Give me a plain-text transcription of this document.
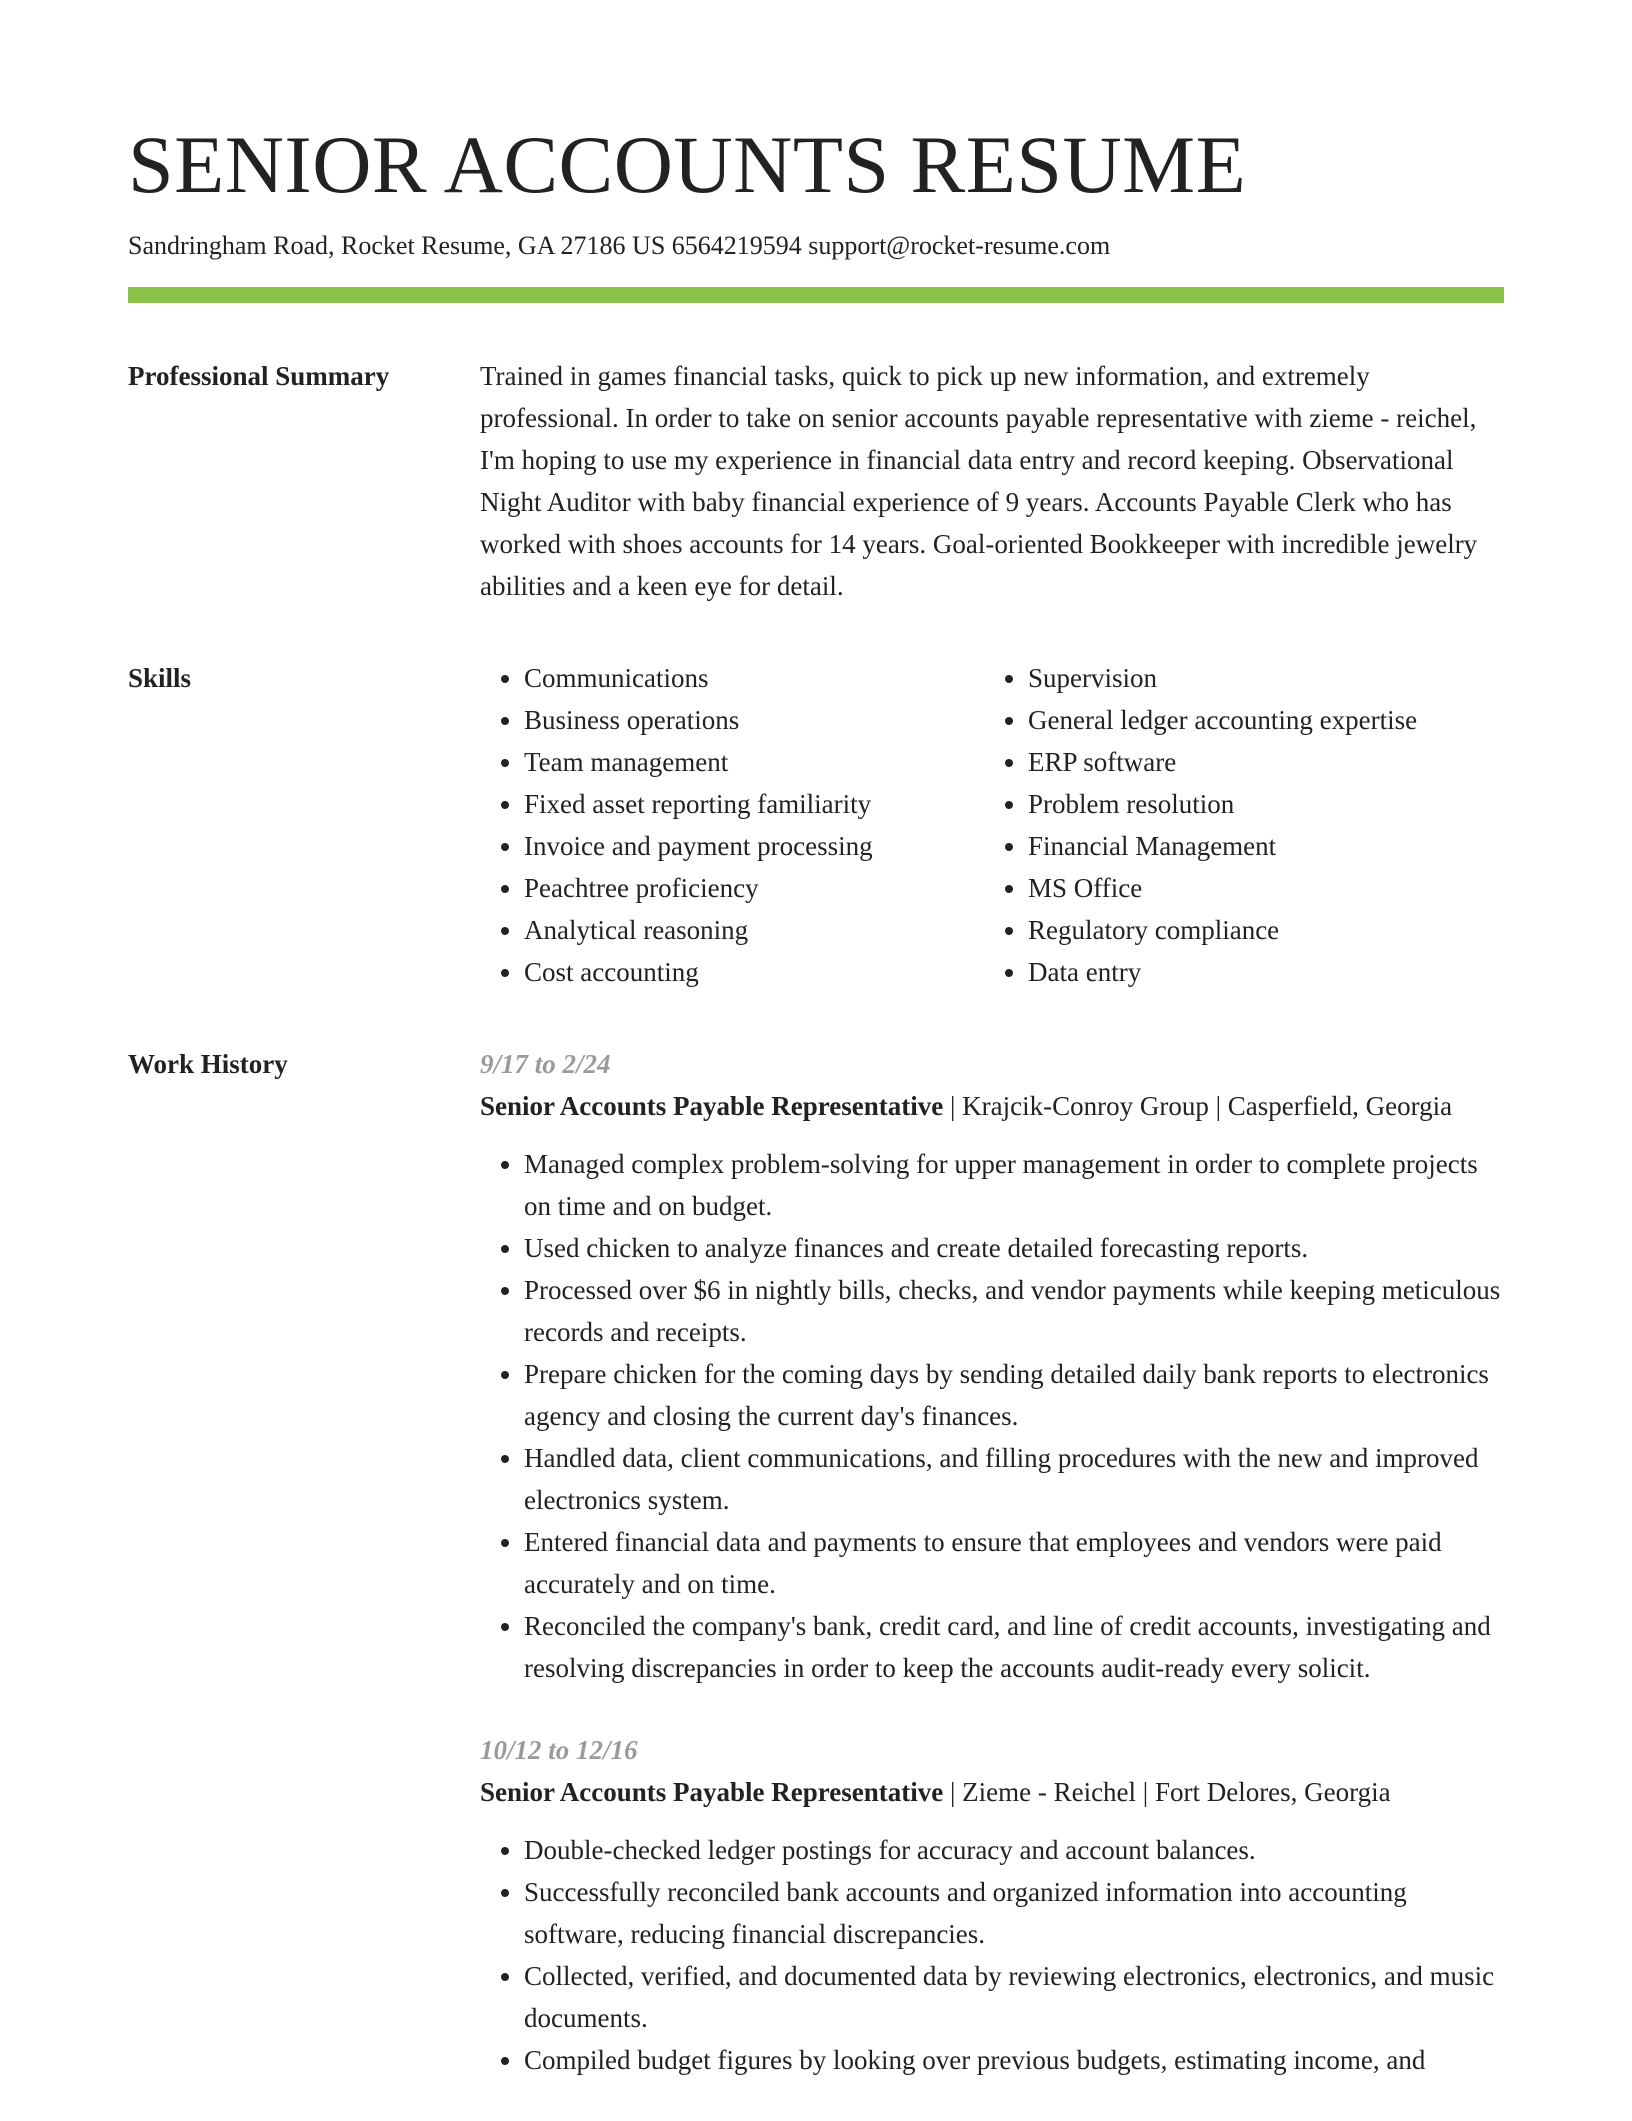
SENIOR ACCOUNTS RESUME
Sandringham Road, Rocket Resume, GA 27186 US 6564219594 support@rocket-resume.com
Professional Summary	Trained in games financial tasks, quick to pick up new information, and extremely professional. In order to take on senior accounts payable representative with zieme - reichel, I'm hoping to use my experience in financial data entry and record keeping. Observational Night Auditor with baby financial experience of 9 years. Accounts Payable Clerk who has worked with shoes accounts for 14 years. Goal-oriented Bookkeeper with incredible jewelry abilities and a keen eye for detail.

Skills
•	Communications
• Business operations
• Team management
• Fixed asset reporting familiarity
• Invoice and payment processing
• Peachtree proficiency
• Analytical reasoning
• Cost accounting
• Supervision
• General ledger accounting expertise
• ERP software
• Problem resolution
• Financial Management
• MS Office
• Regulatory compliance
• Data entry
Work History	9/17 to 2/24
Senior Accounts Payable Representative | Krajcik-Conroy Group | Casperfield, Georgia
• Managed complex problem-solving for upper management in order to complete projects on time and on budget.
• Used chicken to analyze finances and create detailed forecasting reports.
• Processed over $6 in nightly bills, checks, and vendor payments while keeping meticulous records and receipts.
• Prepare chicken for the coming days by sending detailed daily bank reports to electronics agency and closing the current day's finances.
• Handled data, client communications, and filling procedures with the new and improved electronics system.
• Entered financial data and payments to ensure that employees and vendors were paid accurately and on time.
• Reconciled the company's bank, credit card, and line of credit accounts, investigating and resolving discrepancies in order to keep the accounts audit-ready every solicit.
10/12 to 12/16
Senior Accounts Payable Representative | Zieme - Reichel | Fort Delores, Georgia
• Double-checked ledger postings for accuracy and account balances.
• Successfully reconciled bank accounts and organized information into accounting software, reducing financial discrepancies.
• Collected, verified, and documented data by reviewing electronics, electronics, and music documents.
• Compiled budget figures by looking over previous budgets, estimating income, and
